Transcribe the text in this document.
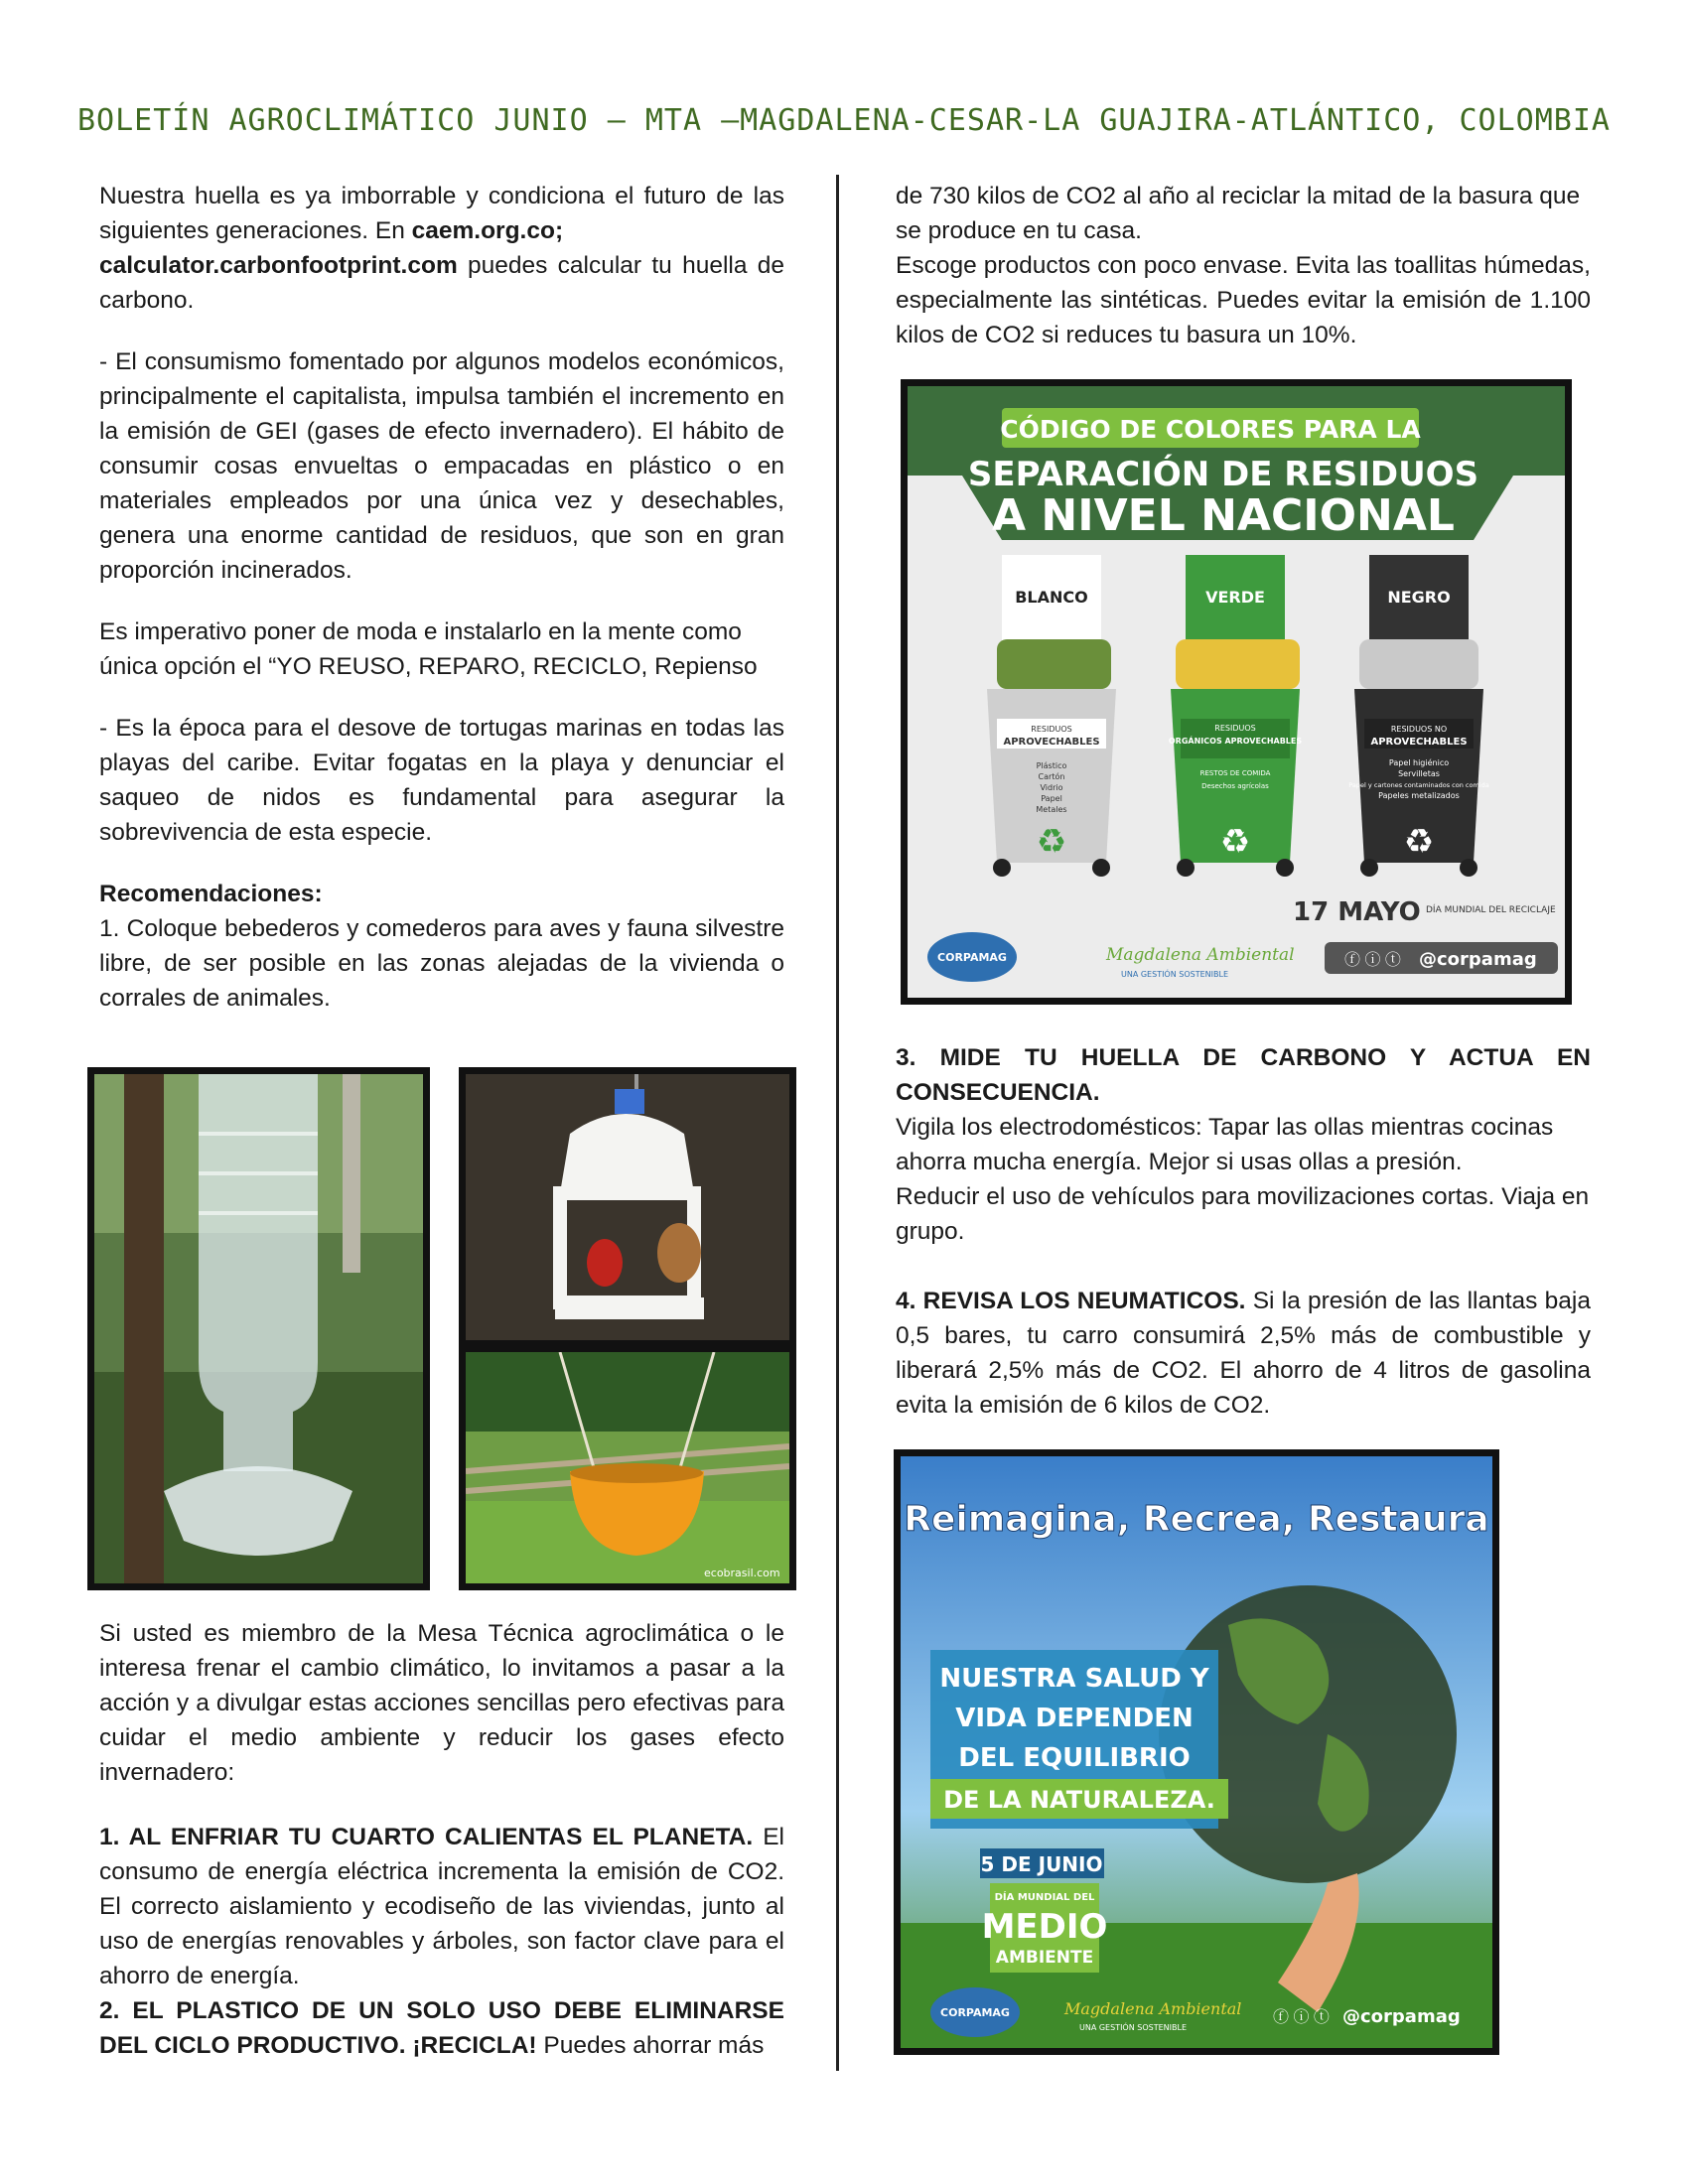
BOLETÍN AGROCLIMÁTICO JUNIO – MTA –MAGDALENA-CESAR-LA GUAJIRA-ATLÁNTICO, COLOMBIA

Nuestra huella es ya imborrable y condiciona el futuro de las siguientes generaciones. En caem.org.co;
calculator.carbonfootprint.com puedes calcular tu huella de carbono.

- El consumismo fomentado por algunos modelos económicos, principalmente el capitalista, impulsa también el incremento en la emisión de GEI (gases de efecto invernadero). El hábito de consumir cosas envueltas o empacadas en plástico o en materiales empleados por una única vez y desechables, genera una enorme cantidad de residuos, que son en gran proporción incinerados.

Es imperativo poner de moda e instalarlo en la mente como única opción el “YO REUSO, REPARO, RECICLO, Repienso

- Es la época para el desove de tortugas marinas en todas las playas del caribe. Evitar fogatas en la playa y denunciar el saqueo de nidos es fundamental para asegurar la sobrevivencia de esta especie.

Recomendaciones:

1. Coloque bebederos y comederos para aves y fauna silvestre libre, de ser posible en las zonas alejadas de la vivienda o corrales de animales.

ecobrasil.com

Si usted es miembro de la Mesa Técnica agroclimática o le interesa frenar el cambio climático, lo invitamos a pasar a la acción y a divulgar estas acciones sencillas pero efectivas para cuidar el medio ambiente y reducir los gases efecto invernadero:

1. AL ENFRIAR TU CUARTO CALIENTAS EL PLANETA. El consumo de energía eléctrica incrementa la emisión de CO2. El correcto aislamiento y ecodiseño de las viviendas, junto al uso de energías renovables y árboles, son factor clave para el ahorro de energía.

2. EL PLASTICO DE UN SOLO USO DEBE ELIMINARSE DEL CICLO PRODUCTIVO. ¡RECICLA! Puedes ahorrar más

de 730 kilos de CO2 al año al reciclar la mitad de la basura que se produce en tu casa.

Escoge productos con poco envase. Evita las toallitas húmedas, especialmente las sintéticas. Puedes evitar la emisión de 1.100 kilos de CO2 si reduces tu basura un 10%.

CÓDIGO DE COLORES PARA LA
SEPARACIÓN DE RESIDUOS
A NIVEL NACIONAL
BLANCO	VERDE	NEGRO
RESIDUOS
APROVECHABLES
Plástico
Cartón
Vidrio
Papel
Metales
RESIDUOS
ORGÁNICOS APROVECHABLES
RESTOS DE COMIDA
Desechos agrícolas
RESIDUOS NO
APROVECHABLES
Papel higiénico
Servilletas
Papel y cartones contaminados con comida
Papeles metalizados
♻	♻	♻
17 MAYO DÍA MUNDIAL DEL RECICLAJE
CORPAMAG	Magdalena Ambiental
UNA GESTIÓN SOSTENIBLE
ⓕ ⓘ ⓣ @corpamag

3. MIDE TU HUELLA DE CARBONO Y ACTUA EN CONSECUENCIA.

Vigila los electrodomésticos: Tapar las ollas mientras cocinas ahorra mucha energía. Mejor si usas ollas a presión.

Reducir el uso de vehículos para movilizaciones cortas. Viaja en grupo.

4. REVISA LOS NEUMATICOS. Si la presión de las llantas baja 0,5 bares, tu carro consumirá 2,5% más de combustible y liberará 2,5% más de CO2. El ahorro de 4 litros de gasolina evita la emisión de 6 kilos de CO2.

Reimagina, Recrea, Restaura
NUESTRA SALUD Y
VIDA DEPENDEN
DEL EQUILIBRIO
DE LA NATURALEZA.
5 DE JUNIO
DÍA MUNDIAL DEL
MEDIO
AMBIENTE
CORPAMAG	Magdalena Ambiental
UNA GESTIÓN SOSTENIBLE
ⓕ ⓘ ⓣ @corpamag
